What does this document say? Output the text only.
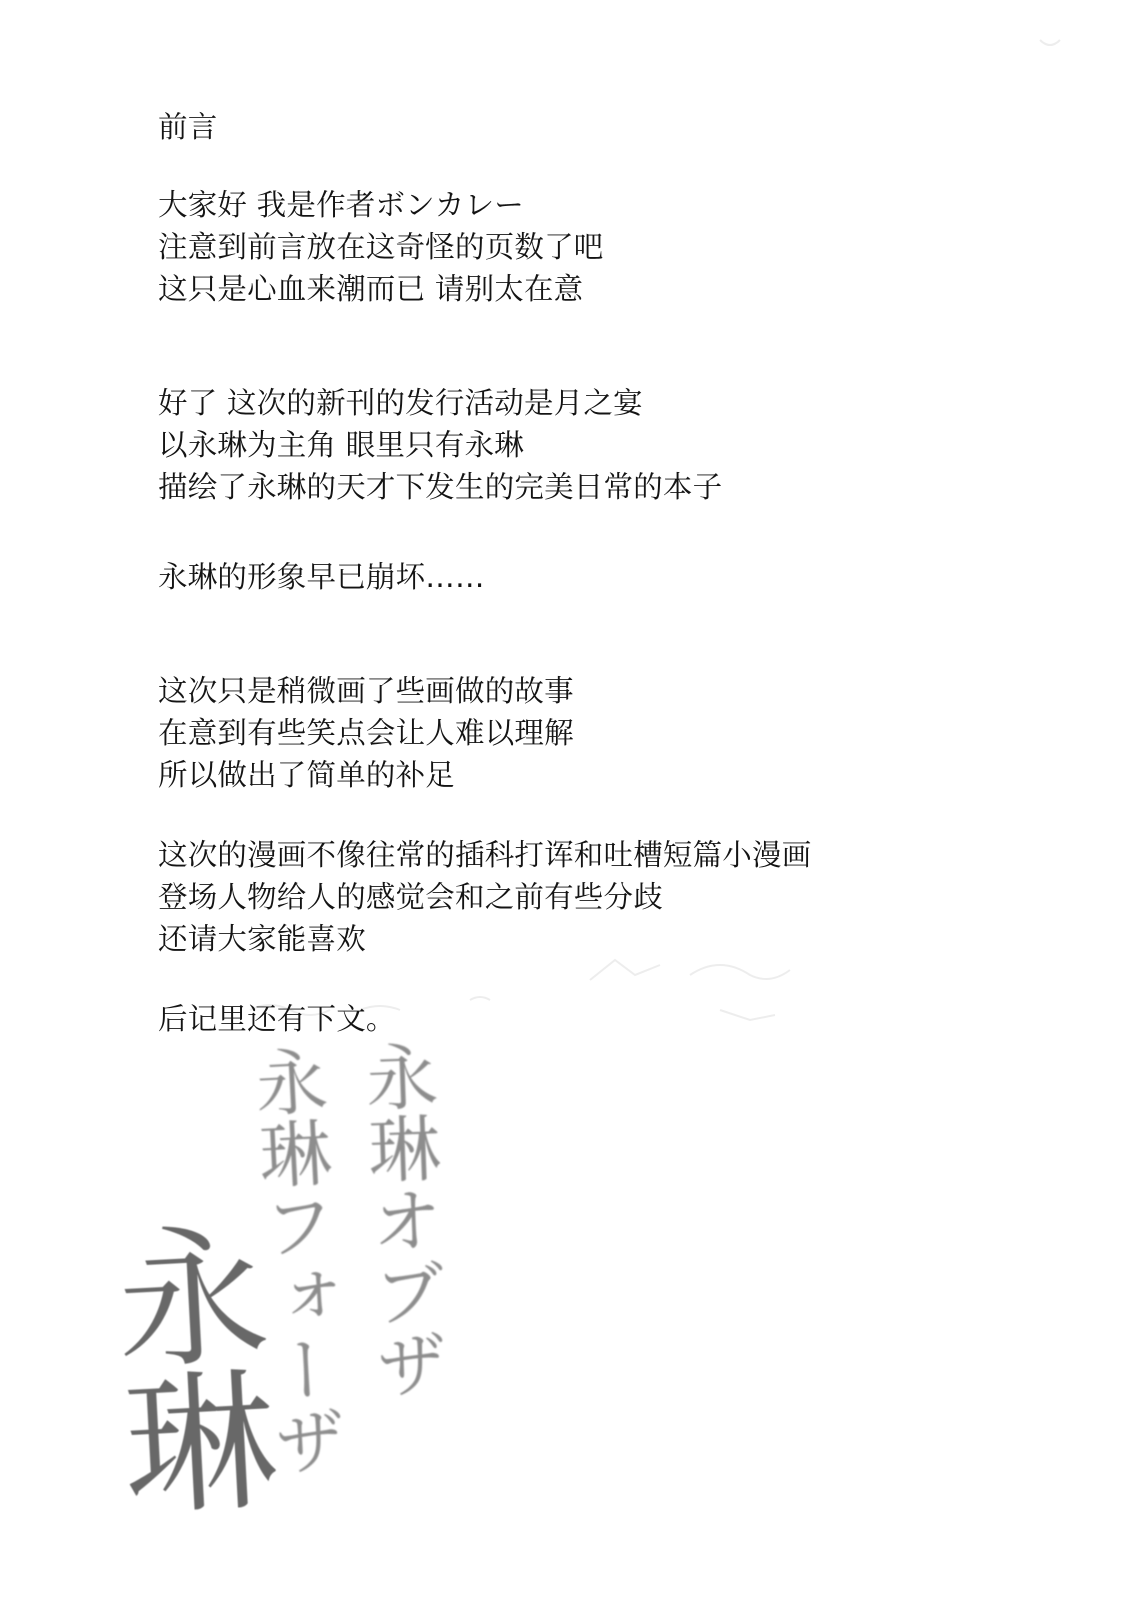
前言
大家好 我是作者ボンカレー
注意到前言放在这奇怪的页数了吧
这只是心血来潮而已 请别太在意
好了 这次的新刊的发行活动是月之宴
以永琳为主角 眼里只有永琳
描绘了永琳的天才下发生的完美日常的本子
永琳的形象早已崩坏……
这次只是稍微画了些画做的故事
在意到有些笑点会让人难以理解
所以做出了简单的补足
这次的漫画不像往常的插科打诨和吐槽短篇小漫画
登场人物给人的感觉会和之前有些分歧
还请大家能喜欢
后记里还有下文。
永琳オブザ
永琳フォーザ
永琳
